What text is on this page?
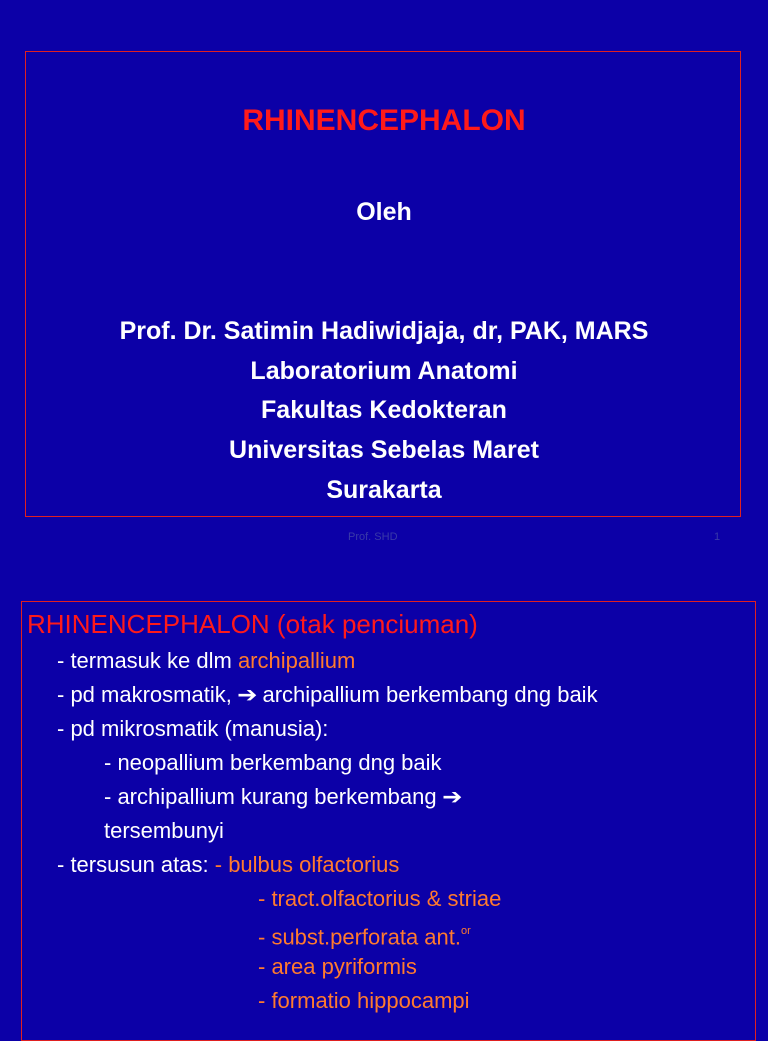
RHINENCEPHALON
Oleh
Prof. Dr. Satimin Hadiwidjaja, dr, PAK, MARS
Laboratorium Anatomi
Fakultas Kedokteran
Universitas Sebelas Maret
Surakarta
Prof. SHD	1
RHINENCEPHALON (otak penciuman)
- termasuk ke dlm archipallium
- pd makrosmatik, ➔ archipallium berkembang dng baik
- pd mikrosmatik (manusia):
- neopallium berkembang dng baik
- archipallium kurang berkembang ➔
tersembunyi
- tersusun atas: - bulbus olfactorius
- tract.olfactorius & striae
- subst.perforata ant.$^{or}$
- area pyriformis
- formatio hippocampi
